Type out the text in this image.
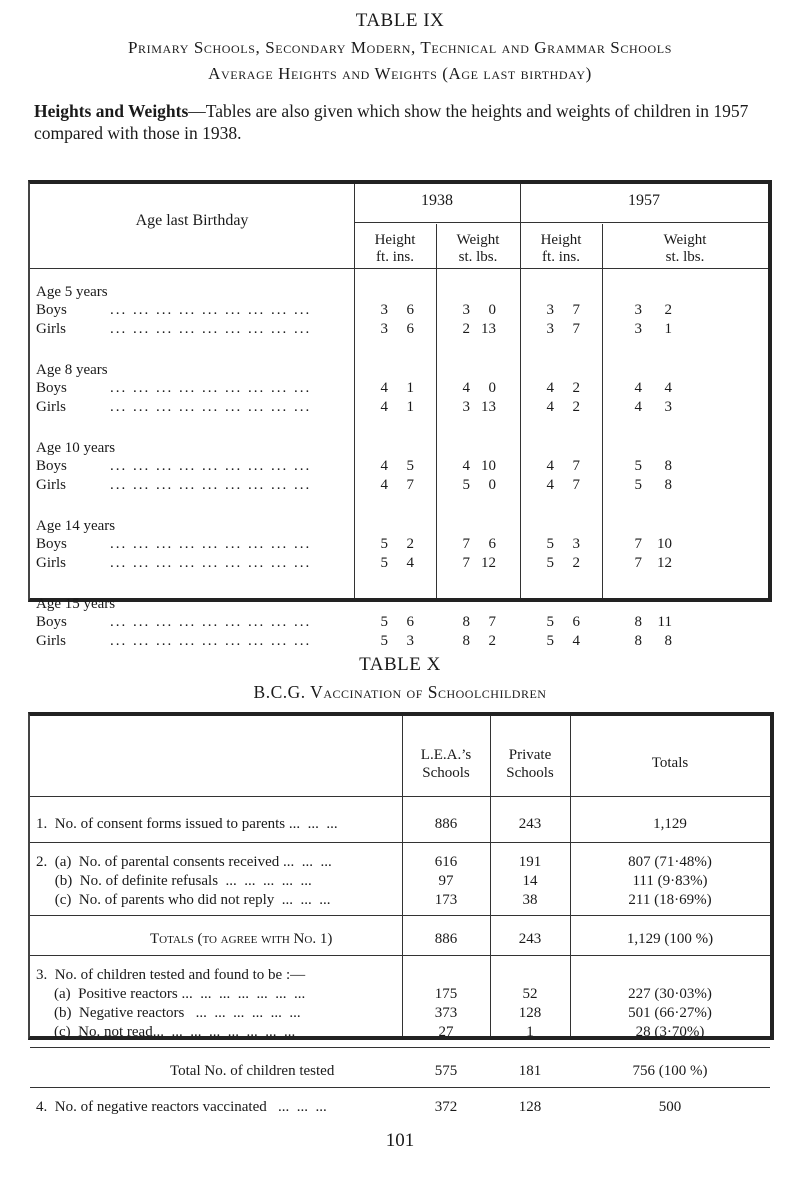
TABLE IX
Primary Schools, Secondary Modern, Technical and Grammar Schools
Average Heights and Weights (Age last birthday)
Heights and Weights—Tables are also given which show the heights and weights of children in 1957 compared with those in 1938.
Age last Birthday
1938	1957
Height
ft. ins.
Weight
st. lbs.
Height
ft. ins.
Weight
st. lbs.
Age 5 years
Boys	... ... ... ... ... ... ... ... ...	3	6	3	0	3	7	3	2
Girls	... ... ... ... ... ... ... ... ...	3	6	2 13	3	7	3	1
Age 8 years
Boys	... ... ... ... ... ... ... ... ...	4	1	4	0	4	2	4	4
Girls	... ... ... ... ... ... ... ... ...	4	1	3 13	4	2	4	3
Age 10 years
Boys	... ... ... ... ... ... ... ... ...	4	5	4 10	4	7	5	8
Girls	... ... ... ... ... ... ... ... ...	4	7	5	0	4	7	5	8
Age 14 years
Boys	... ... ... ... ... ... ... ... ...	5	2	7	6	5	3	7	10
Girls	... ... ... ... ... ... ... ... ...	5	4	7 12	5	2	7	12
Age 15 years
Boys	... ... ... ... ... ... ... ... ...	5	6	8	7	5	6	8	11
Girls	... ... ... ... ... ... ... ... ...	5	3	8	2	5	4	8	8
TABLE X
B.C.G. Vaccination of Schoolchildren
L.E.A.’s
Schools
Private
Schools
Totals
1.  No. of consent forms issued to parents ...  ...  ...	886	243	1,129
2.  (a)  No. of parental consents received ...  ...  ...	616	191	807 (71·48%)
(b)  No. of definite refusals  ...  ...  ...  ...  ...	97	14	111 (9·83%)
(c)  No. of parents who did not reply  ...  ...  ...	173	38	211 (18·69%)
Totals (to agree with No. 1)	886	243	1,129 (100 %)
3.  No. of children tested and found to be :—
(a)  Positive reactors ...  ...  ...  ...  ...  ...  ...	175	52	227 (30·03%)
(b)  Negative reactors   ...  ...  ...  ...  ...  ...	373	128	501 (66·27%)
(c)  No. not read...  ...  ...  ...  ...  ...  ...  ...	27	1	28 (3·70%)
Total No. of children tested	575	181	756 (100 %)
4.  No. of negative reactors vaccinated   ...  ...  ...	372	128	500
101
